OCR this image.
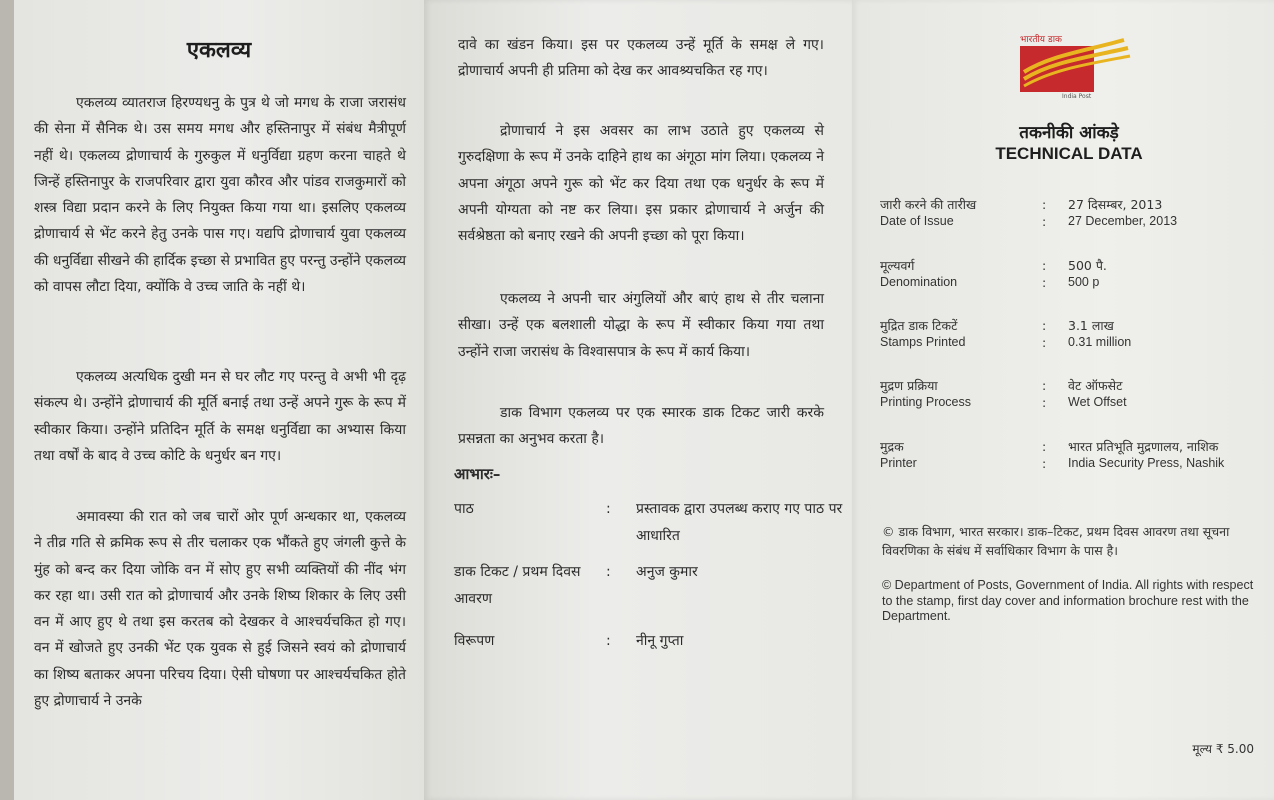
एकलव्य

एकलव्य व्यातराज हिरण्यधनु के पुत्र थे जो मगध के राजा जरासंध की सेना में सैनिक थे। उस समय मगध और हस्तिनापुर में संबंध मैत्रीपूर्ण नहीं थे। एकलव्य द्रोणाचार्य के गुरुकुल में धनुर्विद्या ग्रहण करना चाहते थे जिन्हें हस्तिनापुर के राजपरिवार द्वारा युवा कौरव और पांडव राजकुमारों को शस्त्र विद्या प्रदान करने के लिए नियुक्त किया गया था। इसलिए एकलव्य द्रोणाचार्य से भेंट करने हेतु उनके पास गए। यद्यपि द्रोणाचार्य युवा एकलव्य की धनुर्विद्या सीखने की हार्दिक इच्छा से प्रभावित हुए परन्तु उन्होंने एकलव्य को वापस लौटा दिया, क्योंकि वे उच्च जाति के नहीं थे।

एकलव्य अत्यधिक दुखी मन से घर लौट गए परन्तु वे अभी भी दृढ़ संकल्प थे। उन्होंने द्रोणाचार्य की मूर्ति बनाई तथा उन्हें अपने गुरू के रूप में स्वीकार किया। उन्होंने प्रतिदिन मूर्ति के समक्ष धनुर्विद्या का अभ्यास किया तथा वर्षों के बाद वे उच्च कोटि के धनुर्धर बन गए।

अमावस्या की रात को जब चारों ओर पूर्ण अन्धकार था, एकलव्य ने तीव्र गति से क्रमिक रूप से तीर चलाकर एक भौंकते हुए जंगली कुत्ते के मुंह को बन्द कर दिया जोकि वन में सोए हुए सभी व्यक्तियों की नींद भंग कर रहा था। उसी रात को द्रोणाचार्य और उनके शिष्य शिकार के लिए उसी वन में आए हुए थे तथा इस करतब को देखकर वे आश्चर्यचकित हो गए। वन में खोजते हुए उनकी भेंट एक युवक से हुई जिसने स्वयं को द्रोणाचार्य का शिष्य बताकर अपना परिचय दिया। ऐसी घोषणा पर आश्चर्यचकित होते हुए द्रोणाचार्य ने उनके

दावे का खंडन किया। इस पर एकलव्य उन्हें मूर्ति के समक्ष ले गए। द्रोणाचार्य अपनी ही प्रतिमा को देख कर आवश्र्यचकित रह गए।

द्रोणाचार्य ने इस अवसर का लाभ उठाते हुए एकलव्य से गुरुदक्षिणा के रूप में उनके दाहिने हाथ का अंगूठा मांग लिया। एकलव्य ने अपना अंगूठा अपने गुरू को भेंट कर दिया तथा एक धनुर्धर के रूप में अपनी योग्यता को नष्ट कर लिया। इस प्रकार द्रोणाचार्य ने अर्जुन की सर्वश्रेष्ठता को बनाए रखने की अपनी इच्छा को पूरा किया।

एकलव्य ने अपनी चार अंगुलियों और बाएं हाथ से तीर चलाना सीखा। उन्हें एक बलशाली योद्धा के रूप में स्वीकार किया गया तथा उन्होंने राजा जरासंध के विश्वासपात्र के रूप में कार्य किया।

डाक विभाग एकलव्य पर एक स्मारक डाक टिकट जारी करके प्रसन्नता का अनुभव करता है।

आभारः–
पाठ	: प्रस्तावक द्वारा उपलब्ध कराए गए पाठ पर आधारित
डाक टिकट / प्रथम दिवस आवरण
: अनुज कुमार
विरूपण	: नीनू गुप्ता
भारतीय डाक
India Post
तकनीकी आंकड़े
TECHNICAL DATA
जारी करने की तारीख
Date of Issue
:
:
27 दिसम्बर, 2013
27 December, 2013
मूल्यवर्ग
Denomination
:
:
500 पै.
500 p
मुद्रित डाक टिकटें
Stamps Printed
:
:
3.1 लाख
0.31 million
मुद्रण प्रक्रिया
Printing Process
:
:
वेट ऑफसेट
Wet Offset
मुद्रक
Printer
:
:
भारत प्रतिभूति मुद्रणालय, नाशिक
India Security Press, Nashik
© डाक विभाग, भारत सरकार। डाक–टिकट, प्रथम दिवस आवरण तथा सूचना विवरणिका के संबंध में सर्वाधिकार विभाग के पास है।
© Department of Posts, Government of India. All rights with respect to the stamp, first day cover and information brochure rest with the Department.
मूल्य ₹ 5.00
